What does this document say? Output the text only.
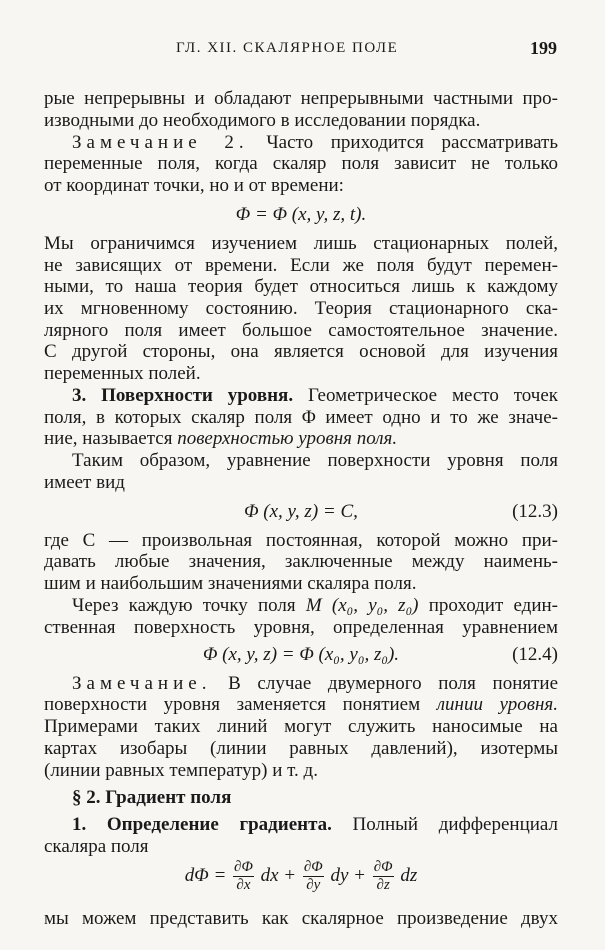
ГЛ. XII. СКАЛЯРНОЕ ПОЛЕ	199
рые непрерывны и обладают непрерывными частными про-
изводными до необходимого в исследовании порядка.
Замечание 2. Часто приходится рассматривать
переменные поля, когда скаляр поля зависит не только
от координат точки, но и от времени:
Φ = Φ (x, y, z, t).
Мы ограничимся изучением лишь стационарных полей,
не зависящих от времени. Если же поля будут перемен-
ными, то наша теория будет относиться лишь к каждому
их мгновенному состоянию. Теория стационарного ска-
лярного поля имеет большое самостоятельное значение.
С другой стороны, она является основой для изучения
переменных полей.
3. Поверхности уровня. Геометрическое место точек
поля, в которых скаляр поля Φ имеет одно и то же значе-
ние, называется поверхностью уровня поля.
Таким образом, уравнение поверхности уровня поля
имеет вид
Φ (x, y, z) = C,	(12.3)
где C — произвольная постоянная, которой можно при-
давать любые значения, заключенные между наимень-
шим и наибольшим значениями скаляра поля.
Через каждую точку поля M (x₀, y₀, z₀) проходит един-
ственная поверхность уровня, определенная уравнением
Φ (x, y, z) = Φ (x₀, y₀, z₀).	(12.4)
Замечание. В случае двумерного поля понятие
поверхности уровня заменяется понятием линии уровня.
Примерами таких линий могут служить наносимые на
картах изобары (линии равных давлений), изотермы
(линии равных температур) и т. д.
§ 2. Градиент поля
1. Определение градиента. Полный дифференциал
скаляра поля
$d\Phi = \frac{\partial\Phi}{\partial x}$ dx + $\frac{\partial\Phi}{\partial y}$ dy + $\frac{\partial\Phi}{\partial z}$ dz
мы можем представить как скалярное произведение двух
